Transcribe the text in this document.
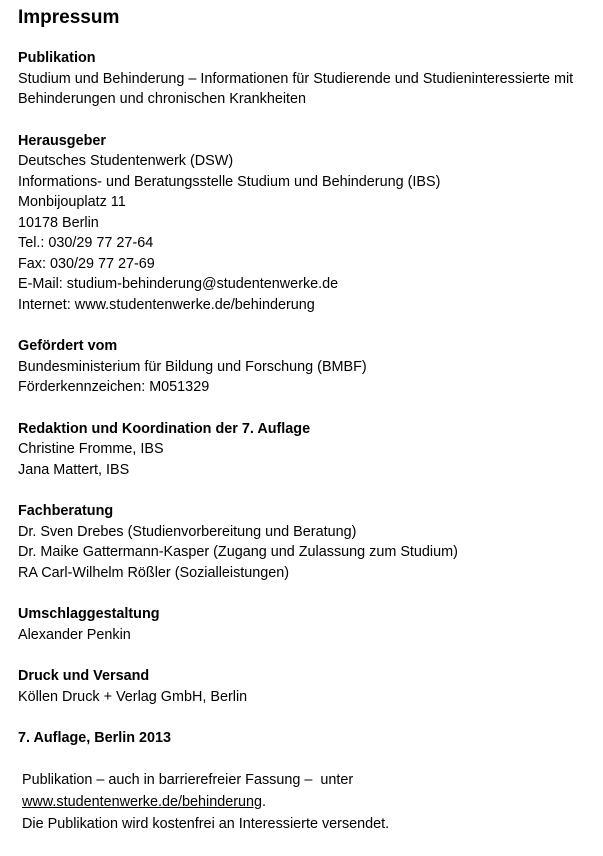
Impressum
Publikation
Studium und Behinderung – Informationen für Studierende und Studieninteressierte mit
Behinderungen und chronischen Krankheiten
Herausgeber
Deutsches Studentenwerk (DSW)
Informations- und Beratungsstelle Studium und Behinderung (IBS)
Monbijouplatz 11
10178 Berlin
Tel.: 030/29 77 27-64
Fax: 030/29 77 27-69
E-Mail: studium-behinderung@studentenwerke.de
Internet: www.studentenwerke.de/behinderung
Gefördert vom
Bundesministerium für Bildung und Forschung (BMBF)
Förderkennzeichen: M051329
Redaktion und Koordination der 7. Auflage
Christine Fromme, IBS
Jana Mattert, IBS
Fachberatung
Dr. Sven Drebes (Studienvorbereitung und Beratung)
Dr. Maike Gattermann-Kasper (Zugang und Zulassung zum Studium)
RA Carl-Wilhelm Rößler (Sozialleistungen)
Umschlaggestaltung
Alexander Penkin
Druck und Versand
Köllen Druck + Verlag GmbH, Berlin
7. Auflage, Berlin 2013
Publikation – auch in barrierefreier Fassung –  unter
www.studentenwerke.de/behinderung.
Die Publikation wird kostenfrei an Interessierte versendet.
